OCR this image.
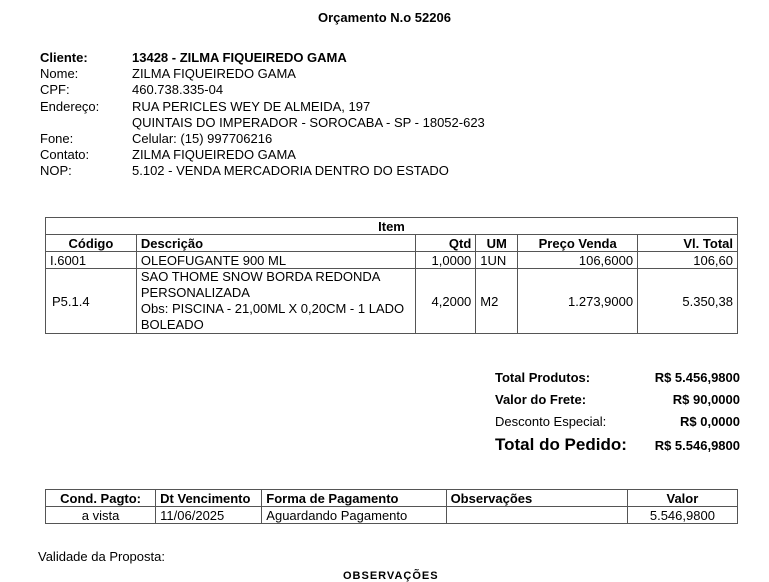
Orçamento N.o 52206
Cliente:	13428 - ZILMA FIQUEIREDO GAMA
Nome:	ZILMA FIQUEIREDO GAMA
CPF:	460.738.335-04
Endereço:	RUA PERICLES WEY DE ALMEIDA, 197
QUINTAIS DO IMPERADOR - SOROCABA - SP - 18052-623
Fone:	Celular: (15) 997706216
Contato:	ZILMA FIQUEIREDO GAMA
NOP:	5.102 - VENDA MERCADORIA DENTRO DO ESTADO
Item					
Código	Descrição	Qtd	UM	Preço Venda	Vl. Total
I.6001	OLEOFUGANTE 900 ML	1,0000	1UN	106,6000	106,60
P5.1.4	SAO THOME SNOW BORDA REDONDA PERSONALIZADA
Obs: PISCINA - 21,00ML X 0,20CM - 1 LADO BOLEADO	4,2000	M2	1.273,9000	5.350,38
Total Produtos:	R$ 5.456,9800
Valor do Frete:	R$ 90,0000
Desconto Especial:	R$ 0,0000
Total do Pedido: R$ 5.546,9800
Cond. Pagto:	Dt Vencimento	Forma de Pagamento	Observações	Valor
a vista	11/06/2025	Aguardando Pagamento		5.546,9800
Validade da Proposta:
OBSERVAÇÕES
